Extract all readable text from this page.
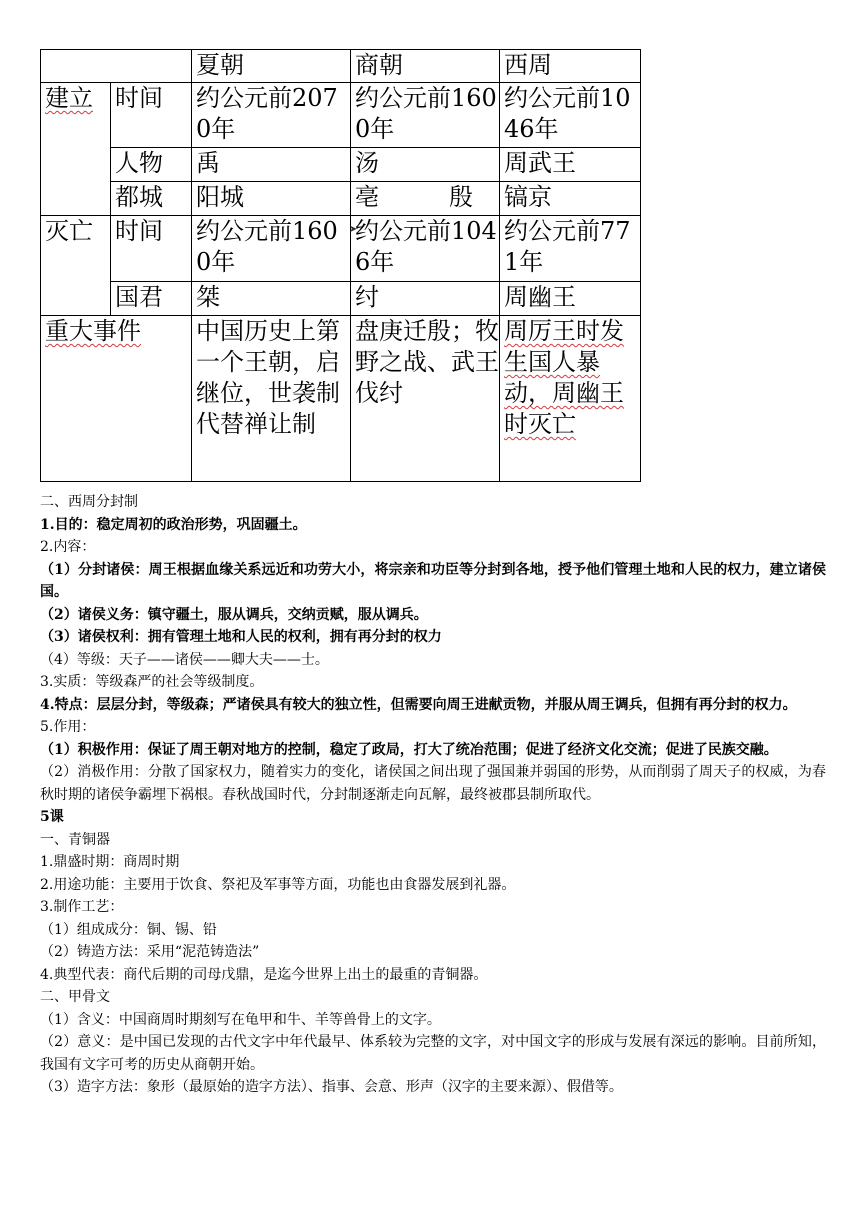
		夏朝	商朝	西周
建立	时间	约公元前2070年	约公元前1600年	约公元前1046年
	人物	禹	汤	周武王
	都城	阳城	亳 殷	镐京
灭亡	时间	约公元前1600年	约公元前1046年	约公元前771年
	国君	桀	纣	周幽王
重大事件		中国历史上第一个王朝，启继位，世袭制代替禅让制	盘庚迁殷；牧野之战、武王伐纣	周厉王时发生国人暴动，周幽王时灭亡
➤

二、西周分封制

1.目的：稳定周初的政治形势，巩固疆土。

2.内容：

（1）分封诸侯：周王根据血缘关系远近和功劳大小，将宗亲和功臣等分封到各地，授予他们管理土地和人民的权力，建立诸侯国。

（2）诸侯义务：镇守疆土，服从调兵，交纳贡赋，服从调兵。

（3）诸侯权利：拥有管理土地和人民的权利，拥有再分封的权力

（4）等级：天子——诸侯——卿大夫——士。

3.实质：等级森严的社会等级制度。

4.特点：层层分封，等级森；严诸侯具有较大的独立性，但需要向周王进献贡物，并服从周王调兵，但拥有再分封的权力。

5.作用：

（1）积极作用：保证了周王朝对地方的控制，稳定了政局，打大了统冶范围；促进了经济文化交流；促进了民族交融。

（2）消极作用：分散了国家权力，随着实力的变化，诸侯国之间出现了强国兼并弱国的形势，从而削弱了周天子的权威，为春秋时期的诸侯争霸埋下祸根。春秋战国时代，分封制逐渐走向瓦解，最终被郡县制所取代。

5课

一、青铜器

1.鼎盛时期：商周时期

2.用途功能：主要用于饮食、祭祀及军事等方面，功能也由食器发展到礼器。

3.制作工艺：

（1）组成成分：铜、锡、铅

（2）铸造方法：采用“泥范铸造法”

4.典型代表：商代后期的司母戊鼎，是迄今世界上出土的最重的青铜器。

二、甲骨文

（1）含义：中国商周时期刻写在龟甲和牛、羊等兽骨上的文字。

（2）意义：是中国已发现的古代文字中年代最早、体系较为完整的文字，对中国文字的形成与发展有深远的影响。目前所知，我国有文字可考的历史从商朝开始。

（3）造字方法：象形（最原始的造字方法）、指事、会意、形声（汉字的主要来源）、假借等。
